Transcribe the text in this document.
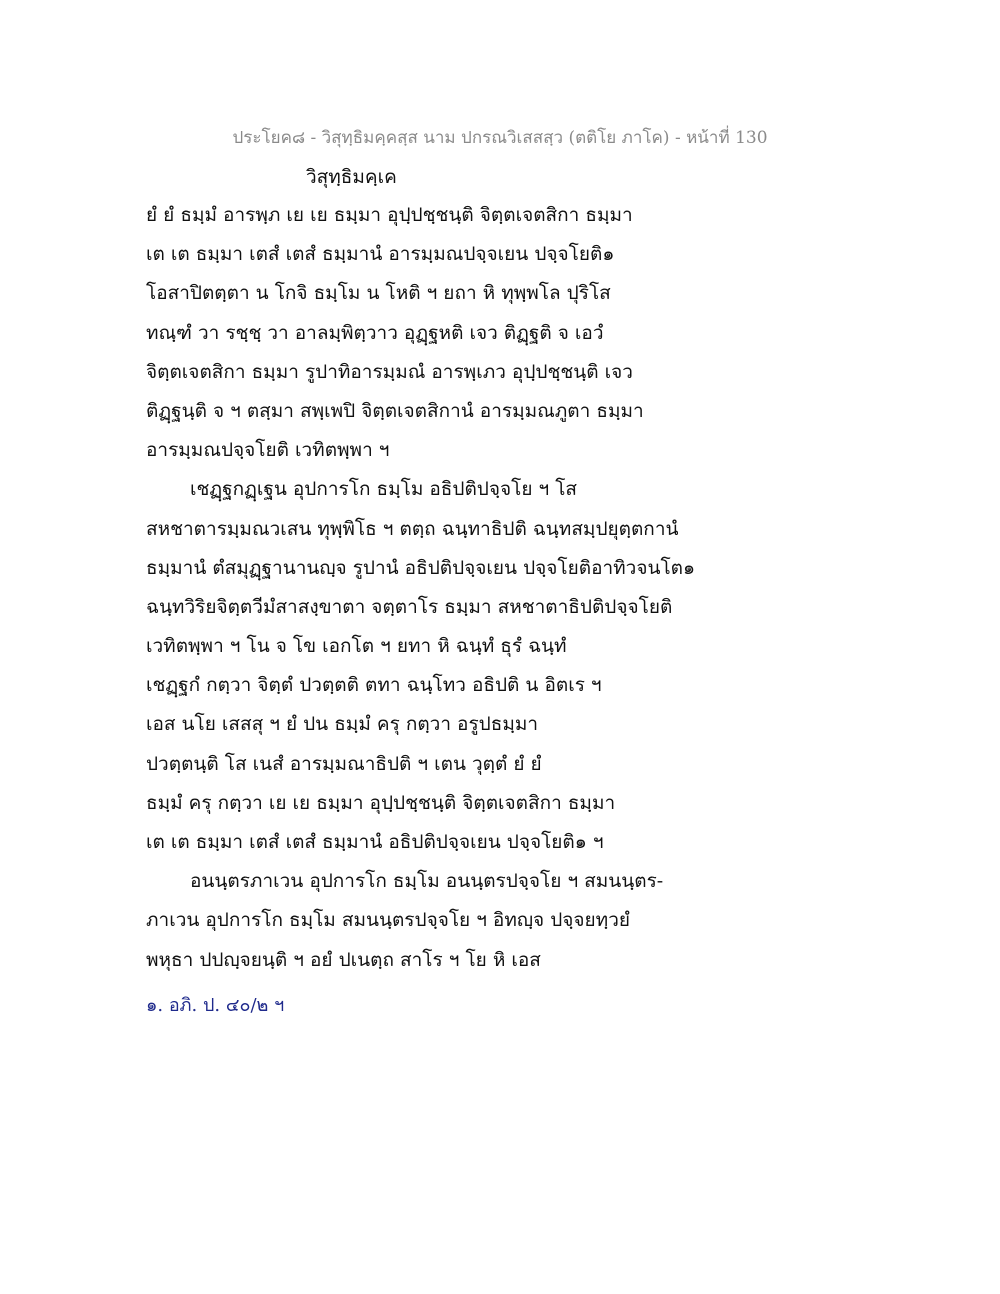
ประโยค๘ - วิสุทฺธิมคฺคสฺส นาม ปกรณวิเสสสฺว (ตติโย ภาโค) - หน้าที่ 130
วิสุทฺธิมคฺเค
ยํ ยํ ธมฺมํ อารพฺภ เย เย ธมฺมา อุปฺปชฺชนฺติ จิตฺตเจตสิกา ธมฺมา
เต เต ธมฺมา เตสํ เตสํ ธมฺมานํ อารมฺมณปจฺจเยน ปจฺจโยติ๑
โอสาปิตตฺตา น โกจิ ธมฺโม น โหติ ฯ ยถา หิ ทุพฺพโล ปุริโส
ทณฺฑํ วา รชฺชฺ วา อาลมฺพิตฺวาว อุฏฺฐหติ เจว ติฏฺฐติ จ เอวํ
จิตฺตเจตสิกา ธมฺมา รูปาทิอารมฺมณํ อารพฺเภว อุปฺปชฺชนฺติ เจว
ติฏฺฐนฺติ จ ฯ ตสฺมา สพฺเพปิ จิตฺตเจตสิกานํ อารมฺมณภูตา ธมฺมา
อารมฺมณปจฺจโยติ เวทิตพฺพา ฯ
เชฏฺฐกฏฺเฐน อุปการโก ธมฺโม อธิปติปจฺจโย ฯ โส
สหชาตารมฺมณวเสน ทุพฺพิโธ ฯ ตตฺถ ฉนฺทาธิปติ ฉนฺทสมฺปยุตฺตกานํ
ธมฺมานํ ตํสมุฏฺฐานานญฺจ รูปานํ อธิปติปจฺจเยน ปจฺจโยติอาทิวจนโต๑
ฉนฺทวิริยจิตฺตวีมํสาสงฺขาตา จตฺตาโร ธมฺมา สหชาตาธิปติปจฺจโยติ
เวทิตพฺพา ฯ โน จ โข เอกโต ฯ ยทา หิ ฉนฺทํ ธุรํ ฉนฺทํ
เชฏฺฐกํ กตฺวา จิตฺตํ ปวตฺตติ ตทา ฉนฺโทว อธิปติ น อิตเร ฯ
เอส นโย เสสสุ ฯ ยํ ปน ธมฺมํ ครุ กตฺวา อรูปธมฺมา
ปวตฺตนฺติ โส เนสํ อารมฺมณาธิปติ ฯ เตน วุตฺตํ ยํ ยํ
ธมฺมํ ครุ กตฺวา เย เย ธมฺมา อุปฺปชฺชนฺติ จิตฺตเจตสิกา ธมฺมา
เต เต ธมฺมา เตสํ เตสํ ธมฺมานํ อธิปติปจฺจเยน ปจฺจโยติ๑ ฯ
อนนฺตรภาเวน อุปการโก ธมฺโม อนนฺตรปจฺจโย ฯ สมนนฺตร-
ภาเวน อุปการโก ธมฺโม สมนนฺตรปจฺจโย ฯ อิทญฺจ ปจฺจยทฺวยํ
พหุธา ปปญฺจยนฺติ ฯ อยํ ปเนตฺถ สาโร ฯ โย หิ เอส
๑. อภิ. ป. ๔๐/๒ ฯ
